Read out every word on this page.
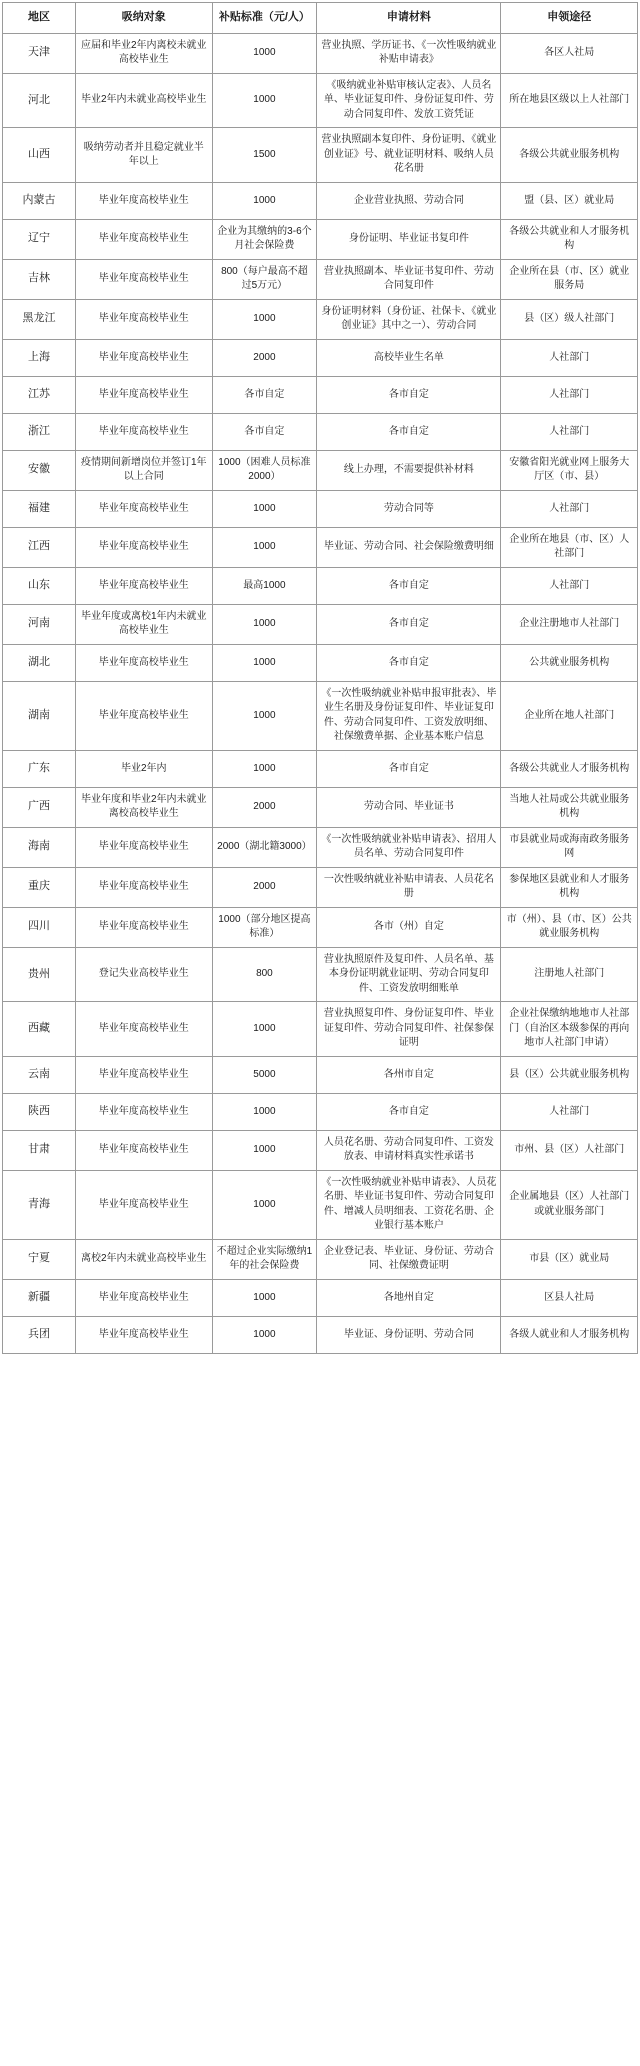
地区	吸纳对象	补贴标准（元/人）	申请材料	申领途径
天津	应届和毕业2年内离校未就业高校毕业生	1000	营业执照、学历证书、《一次性吸纳就业补贴申请表》	各区人社局
河北	毕业2年内未就业高校毕业生	1000	《吸纳就业补贴审核认定表》、人员名单、毕业证复印件、身份证复印件、劳动合同复印件、发放工资凭证	所在地县区级以上人社部门
山西	吸纳劳动者并且稳定就业半年以上	1500	营业执照副本复印件、身份证明、《就业创业证》号、就业证明材料、吸纳人员花名册	各级公共就业服务机构
内蒙古	毕业年度高校毕业生	1000	企业营业执照、劳动合同	盟（县、区）就业局
辽宁	毕业年度高校毕业生	企业为其缴纳的3-6个月社会保险费	身份证明、毕业证书复印件	各级公共就业和人才服务机构
吉林	毕业年度高校毕业生	800（每户最高不超过5万元）	营业执照副本、毕业证书复印件、劳动合同复印件	企业所在县（市、区）就业服务局
黑龙江	毕业年度高校毕业生	1000	身份证明材料（身份证、社保卡、《就业创业证》其中之一）、劳动合同	县（区）级人社部门
上海	毕业年度高校毕业生	2000	高校毕业生名单	人社部门
江苏	毕业年度高校毕业生	各市自定	各市自定	人社部门
浙江	毕业年度高校毕业生	各市自定	各市自定	人社部门
安徽	疫情期间新增岗位并签订1年以上合同	1000（困难人员标准2000）	线上办理，不需要提供补材料	安徽省阳光就业网上服务大厅区（市、县）
福建	毕业年度高校毕业生	1000	劳动合同等	人社部门
江西	毕业年度高校毕业生	1000	毕业证、劳动合同、社会保险缴费明细	企业所在地县（市、区）人社部门
山东	毕业年度高校毕业生	最高1000	各市自定	人社部门
河南	毕业年度或离校1年内未就业高校毕业生	1000	各市自定	企业注册地市人社部门
湖北	毕业年度高校毕业生	1000	各市自定	公共就业服务机构
湖南	毕业年度高校毕业生	1000	《一次性吸纳就业补贴申报审批表》、毕业生名册及身份证复印件、毕业证复印件、劳动合同复印件、工资发放明细、社保缴费单据、企业基本账户信息	企业所在地人社部门
广东	毕业2年内	1000	各市自定	各级公共就业人才服务机构
广西	毕业年度和毕业2年内未就业离校高校毕业生	2000	劳动合同、毕业证书	当地人社局或公共就业服务机构
海南	毕业年度高校毕业生	2000（湖北籍3000）	《一次性吸纳就业补贴申请表》、招用人员名单、劳动合同复印件	市县就业局或海南政务服务网
重庆	毕业年度高校毕业生	2000	一次性吸纳就业补贴申请表、人员花名册	参保地区县就业和人才服务机构
四川	毕业年度高校毕业生	1000（部分地区提高标准）	各市（州）自定	市（州）、县（市、区）公共就业服务机构
贵州	登记失业高校毕业生	800	营业执照原件及复印件、人员名单、基本身份证明就业证明、劳动合同复印件、工资发放明细账单	注册地人社部门
西藏	毕业年度高校毕业生	1000	营业执照复印件、身份证复印件、毕业证复印件、劳动合同复印件、社保参保证明	企业社保缴纳地地市人社部门（自治区本级参保的再向地市人社部门申请）
云南	毕业年度高校毕业生	5000	各州市自定	县（区）公共就业服务机构
陕西	毕业年度高校毕业生	1000	各市自定	人社部门
甘肃	毕业年度高校毕业生	1000	人员花名册、劳动合同复印件、工资发放表、申请材料真实性承诺书	市州、县（区）人社部门
青海	毕业年度高校毕业生	1000	《一次性吸纳就业补贴申请表》、人员花名册、毕业证书复印件、劳动合同复印件、增减人员明细表、工资花名册、企业银行基本账户	企业属地县（区）人社部门或就业服务部门
宁夏	离校2年内未就业高校毕业生	不超过企业实际缴纳1年的社会保险费	企业登记表、毕业证、身份证、劳动合同、社保缴费证明	市县（区）就业局
新疆	毕业年度高校毕业生	1000	各地州自定	区县人社局
兵团	毕业年度高校毕业生	1000	毕业证、身份证明、劳动合同	各级人就业和人才服务机构
